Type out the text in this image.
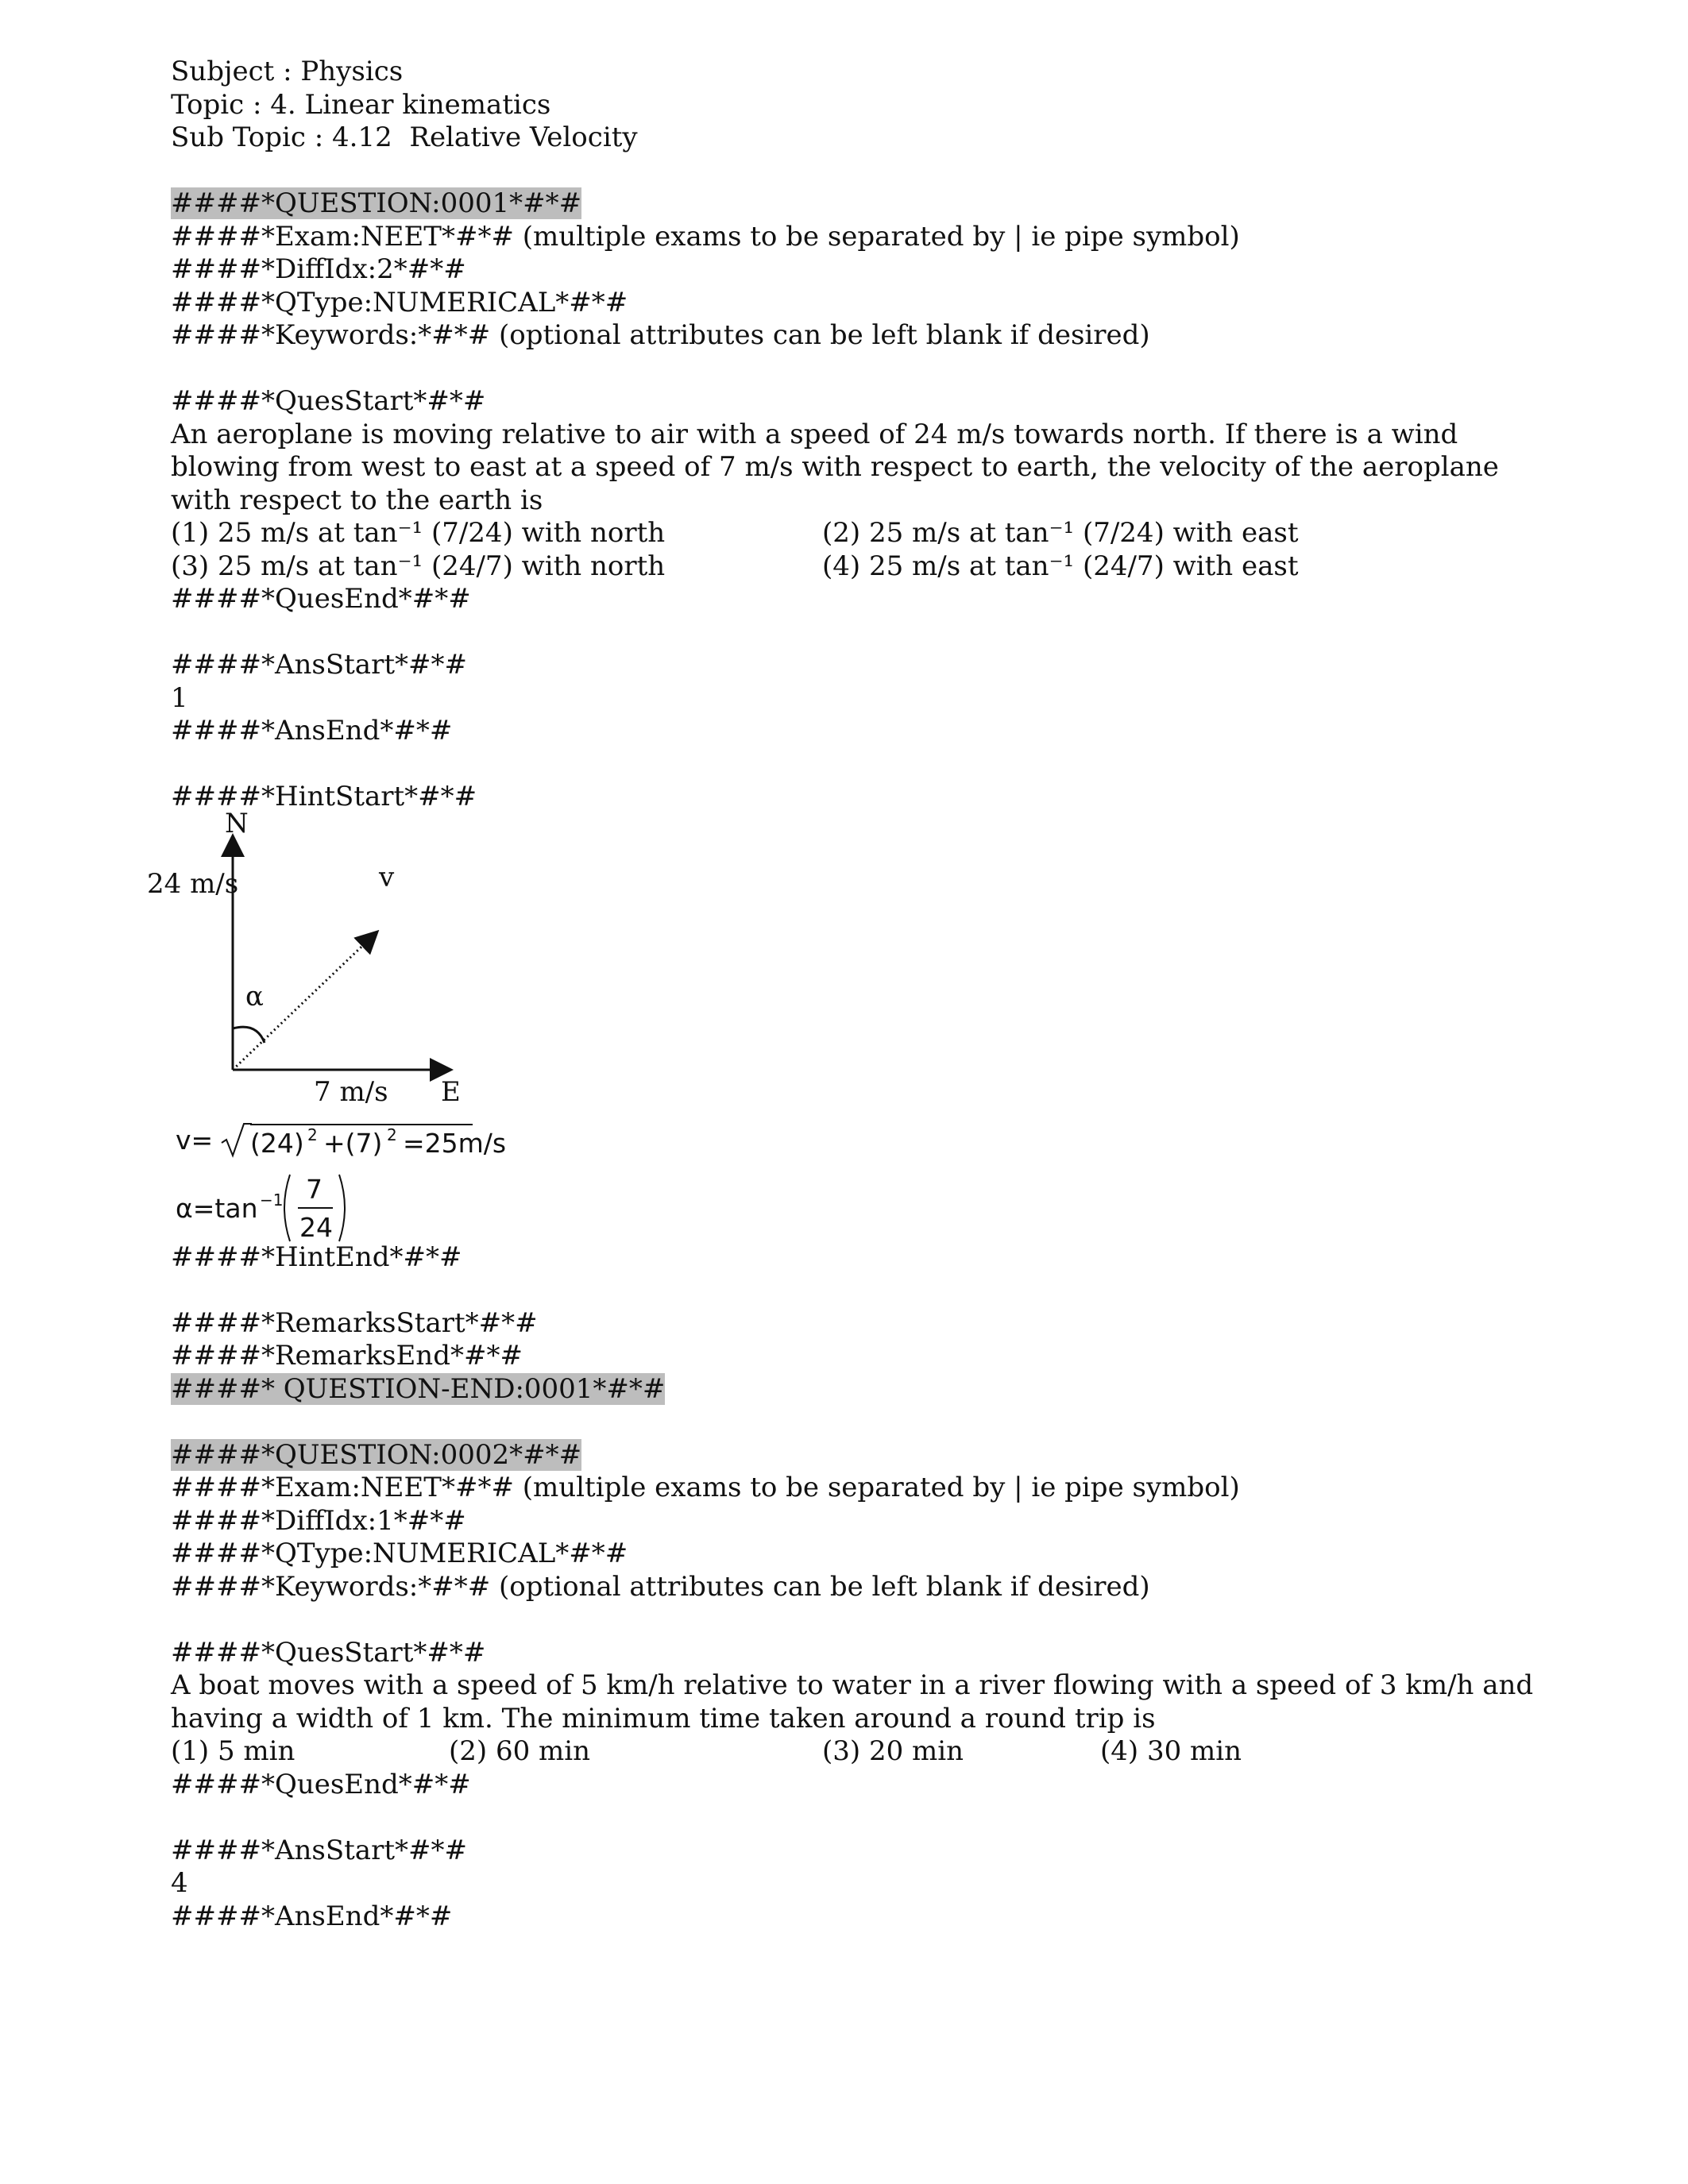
Subject : Physics
Topic : 4. Linear kinematics
Sub Topic : 4.12  Relative Velocity
####*QUESTION:0001*#*#
####*Exam:NEET*#*# (multiple exams to be separated by | ie pipe symbol)
####*DiffIdx:2*#*#
####*QType:NUMERICAL*#*#
####*Keywords:*#*# (optional attributes can be left blank if desired)
####*QuesStart*#*#
An aeroplane is moving relative to air with a speed of 24 m/s towards north. If there is a wind blowing from west to east at a speed of 7 m/s with respect to earth, the velocity of the aeroplane with respect to the earth is
(1) 25 m/s at tan⁻¹ (7/24) with north	(2) 25 m/s at tan⁻¹ (7/24) with east
(3) 25 m/s at tan⁻¹ (24/7) with north	(4) 25 m/s at tan⁻¹ (24/7) with east
####*QuesEnd*#*#
####*AnsStart*#*#
1
####*AnsEnd*#*#
####*HintStart*#*#
N
24 m/s	v
α
7 m/s E
v= (24) 2 +(7) 2 =25m/s
α=tan −1 7
24
####*HintEnd*#*#
####*RemarksStart*#*#
####*RemarksEnd*#*#
####* QUESTION-END:0001*#*#
####*QUESTION:0002*#*#
####*Exam:NEET*#*# (multiple exams to be separated by | ie pipe symbol)
####*DiffIdx:1*#*#
####*QType:NUMERICAL*#*#
####*Keywords:*#*# (optional attributes can be left blank if desired)
####*QuesStart*#*#
A boat moves with a speed of 5 km/h relative to water in a river flowing with a speed of 3 km/h and having a width of 1 km. The minimum time taken around a round trip is
(1) 5 min	(2) 60 min	(3) 20 min	(4) 30 min
####*QuesEnd*#*#
####*AnsStart*#*#
4
####*AnsEnd*#*#
